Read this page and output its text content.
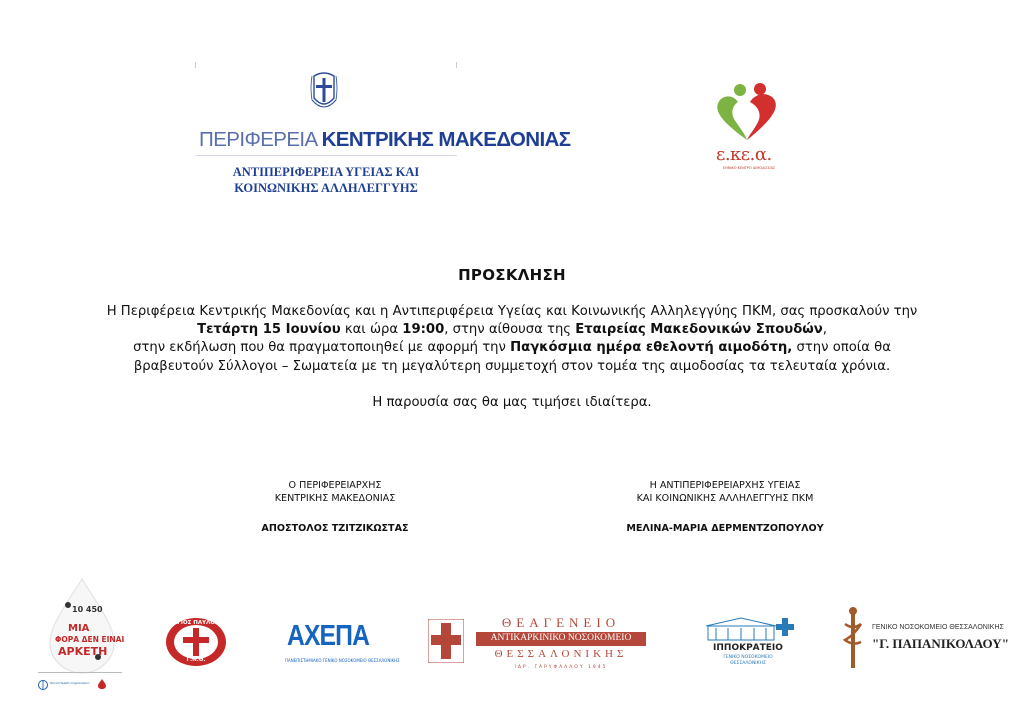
ΠΕΡΙΦΕΡΕΙΑ ΚΕΝΤΡΙΚΗΣ ΜΑΚΕΔΟΝΙΑΣ
ΑΝΤΙΠΕΡΙΦΕΡΕΙΑ ΥΓΕΙΑΣ ΚΑΙ
ΚΟΙΝΩΝΙΚΗΣ ΑΛΛΗΛΕΓΓΥΗΣ
ε.κε.α.
ΕΘΝΙΚΟ ΚΕΝΤΡΟ ΑΙΜΟΔΟΣΙΑΣ
ΠΡΟΣΚΛΗΣΗ
Η Περιφέρεια Κεντρικής Μακεδονίας και η Αντιπεριφέρεια Υγείας και Κοινωνικής Αλληλεγγύης ΠΚΜ, σας προσκαλούν την
Τετάρτη 15 Ιουνίου και ώρα 19:00, στην αίθουσα της Εταιρείας Μακεδονικών Σπουδών,
στην εκδήλωση που θα πραγματοποιηθεί με αφορμή την Παγκόσμια ημέρα εθελοντή αιμοδότη, στην οποία θα
βραβευτούν Σύλλογοι – Σωματεία με τη μεγαλύτερη συμμετοχή στον τομέα της αιμοδοσίας τα τελευταία χρόνια.
Η παρουσία σας θα μας τιμήσει ιδιαίτερα.
Ο ΠΕΡΙΦΕΡΕΙΑΡΧΗΣ
ΚΕΝΤΡΙΚΗΣ ΜΑΚΕΔΟΝΙΑΣ
ΑΠΟΣΤΟΛΟΣ ΤΖΙΤΖΙΚΩΣΤΑΣ
Η ΑΝΤΙΠΕΡΙΦΕΡΕΙΑΡΧΗΣ ΥΓΕΙΑΣ
ΚΑΙ ΚΟΙΝΩΝΙΚΗΣ ΑΛΛΗΛΕΓΓΥΗΣ ΠΚΜ
ΜΕΛΙΝΑ-ΜΑΡΙΑ ΔΕΡΜΕΝΤΖΟΠΟΥΛΟΥ
10 450
ΜΙΑ
ΦΟΡΑ ΔΕΝ ΕΙΝΑΙ
ΑΡΚΕΤΗ
World Health Organization
ΑΓΙΟΣ ΠΑΥΛΟΣ
Γ.Ν.Θ.
ΑΧΕΠΑ
ΠΑΝΕΠΙΣΤΗΜΙΑΚΟ ΓΕΝΙΚΟ ΝΟΣΟΚΟΜΕΙΟ ΘΕΣΣΑΛΟΝΙΚΗΣ
ΘΕΑΓΕΝΕΙΟ
ΑΝΤΙΚΑΡΚΙΝΙΚΟ ΝΟΣΟΚΟΜΕΙΟ
ΘΕΣΣΑΛΟΝΙΚΗΣ
ΙΔΡ. ΓΑΡΥΦΑΛΛΟΥ 1945
ΙΠΠΟΚΡΑΤΕΙΟ
ΓΕΝΙΚΟ ΝΟΣΟΚΟΜΕΙΟ
ΘΕΣΣΑΛΟΝΙΚΗΣ
ΓΕΝΙΚΟ ΝΟΣΟΚΟΜΕΙΟ ΘΕΣΣΑΛΟΝΙΚΗΣ
"Γ. ΠΑΠΑΝΙΚΟΛΑΟΥ"
